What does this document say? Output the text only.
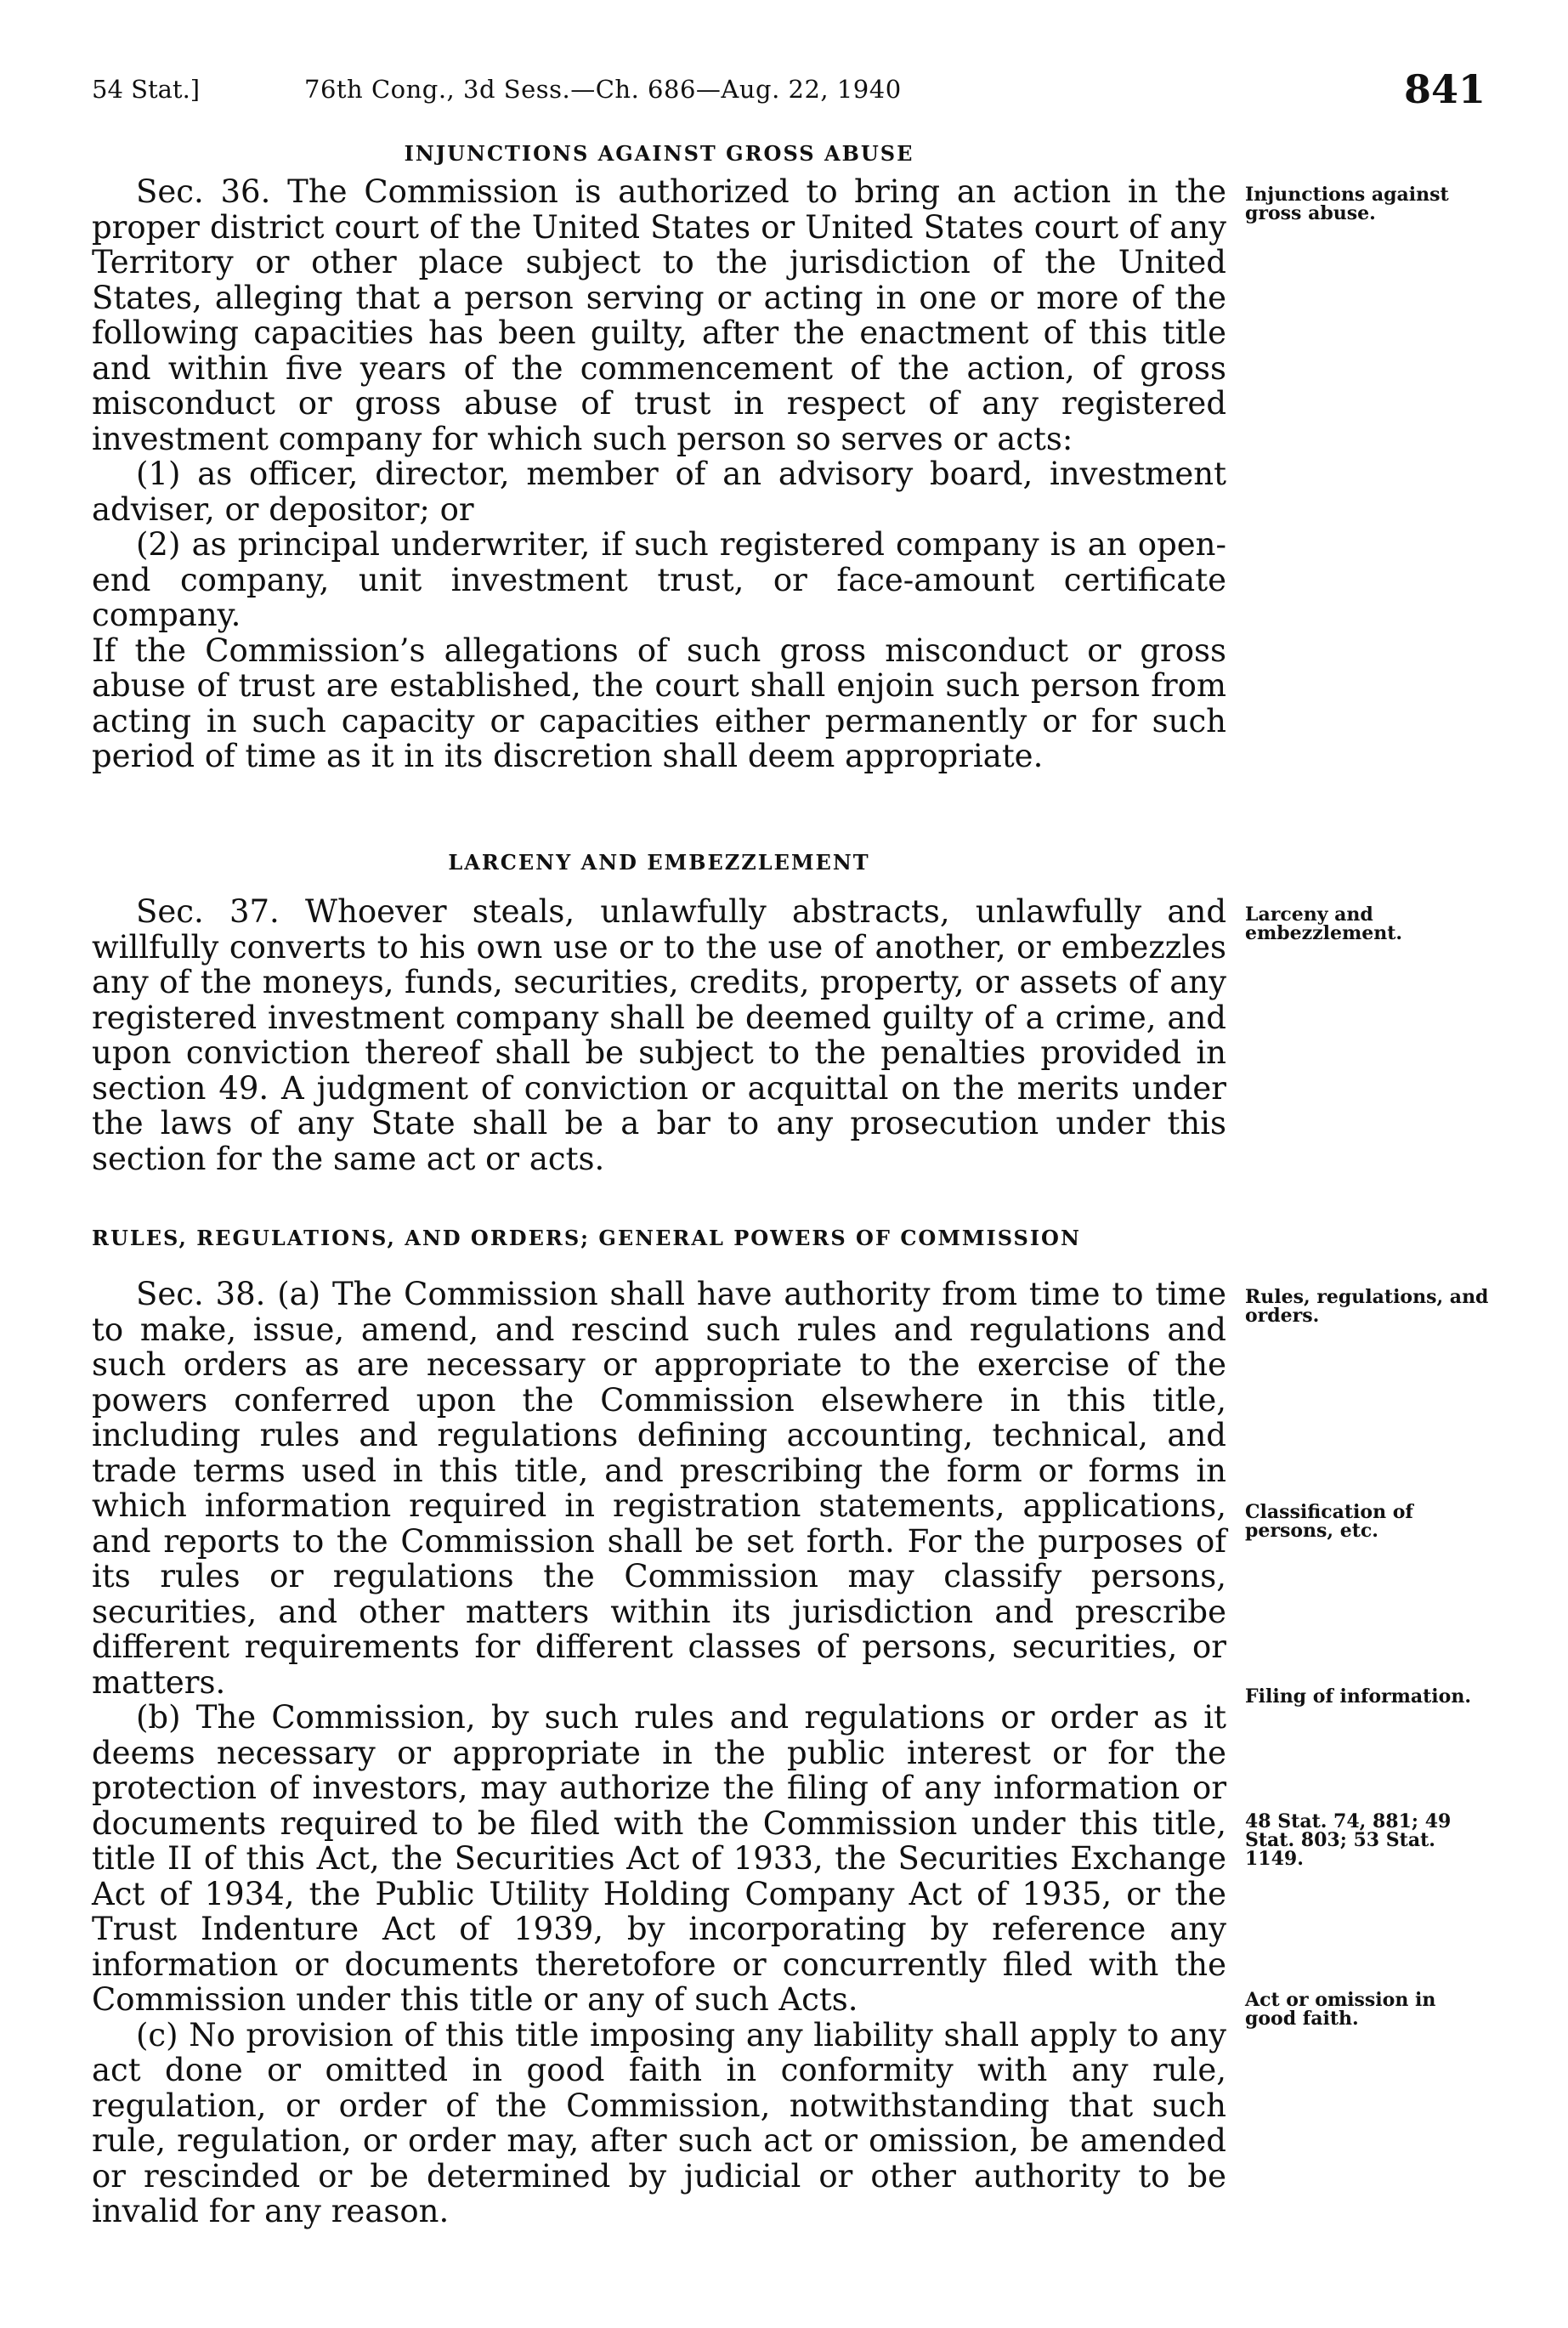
54 Stat.]	76th Cong., 3d Sess.—Ch. 686—Aug. 22, 1940	841
INJUNCTIONS AGAINST GROSS ABUSE
Injunctions against gross abuse.

Sec. 36. The Commission is authorized to bring an action in the proper district court of the United States or United States court of any Territory or other place subject to the jurisdiction of the United States, alleging that a person serving or acting in one or more of the following capacities has been guilty, after the enactment of this title and within five years of the commencement of the action, of gross misconduct or gross abuse of trust in respect of any registered investment company for which such person so serves or acts:

(1) as officer, director, member of an advisory board, investment adviser, or depositor; or

(2) as principal underwriter, if such registered company is an open-end company, unit investment trust, or face-amount certificate company.

If the Commission’s allegations of such gross misconduct or gross abuse of trust are established, the court shall enjoin such person from acting in such capacity or capacities either permanently or for such period of time as it in its discretion shall deem appropriate.

LARCENY AND EMBEZZLEMENT
Larceny and embezzlement.

Sec. 37. Whoever steals, unlawfully abstracts, unlawfully and willfully converts to his own use or to the use of another, or embezzles any of the moneys, funds, securities, credits, property, or assets of any registered investment company shall be deemed guilty of a crime, and upon conviction thereof shall be subject to the penalties provided in section 49. A judgment of conviction or acquittal on the merits under the laws of any State shall be a bar to any prosecution under this section for the same act or acts.

RULES, REGULATIONS, AND ORDERS; GENERAL POWERS OF COMMISSION
Rules, regulations, and orders.
Classification of persons, etc.
Filing of information.
48 Stat. 74, 881; 49 Stat. 803; 53 Stat. 1149.
Act or omission in good faith.

Sec. 38. (a) The Commission shall have authority from time to time to make, issue, amend, and rescind such rules and regulations and such orders as are necessary or appropriate to the exercise of the powers conferred upon the Commission elsewhere in this title, including rules and regulations defining accounting, technical, and trade terms used in this title, and prescribing the form or forms in which information required in registration statements, applications, and reports to the Commission shall be set forth. For the purposes of its rules or regulations the Commission may classify persons, securities, and other matters within its jurisdiction and prescribe different requirements for different classes of persons, securities, or matters.

(b) The Commission, by such rules and regulations or order as it deems necessary or appropriate in the public interest or for the protection of investors, may authorize the filing of any information or documents required to be filed with the Commission under this title, title II of this Act, the Securities Act of 1933, the Securities Exchange Act of 1934, the Public Utility Holding Company Act of 1935, or the Trust Indenture Act of 1939, by incorporating by reference any information or documents theretofore or concurrently filed with the Commission under this title or any of such Acts.

(c) No provision of this title imposing any liability shall apply to any act done or omitted in good faith in conformity with any rule, regulation, or order of the Commission, notwithstanding that such rule, regulation, or order may, after such act or omission, be amended or rescinded or be determined by judicial or other authority to be invalid for any reason.
